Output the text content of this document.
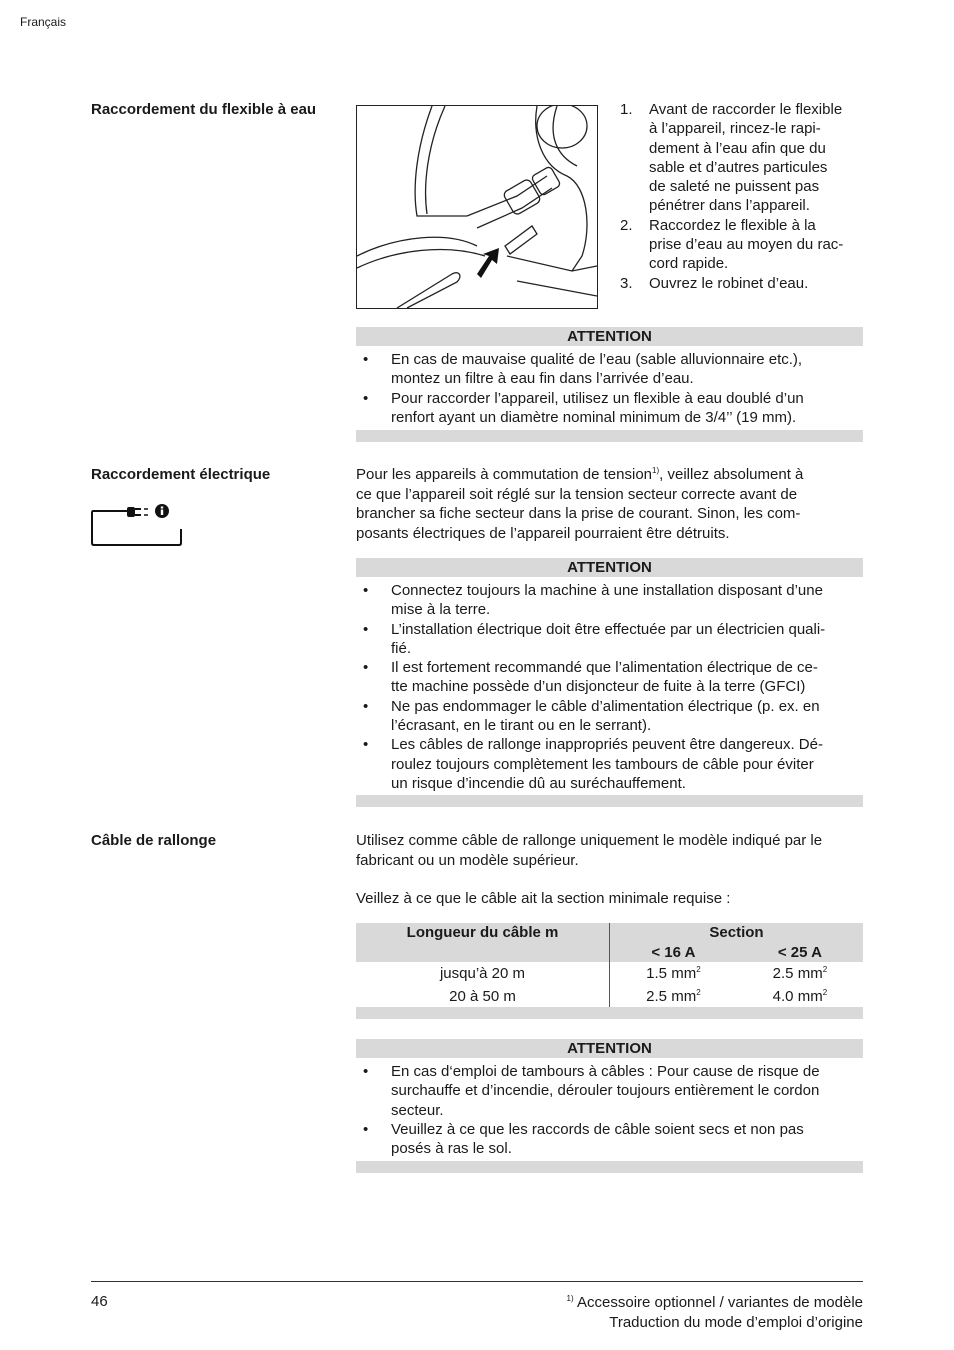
Français
Raccordement du flexible à eau	1.	Avant de raccorder le flexible
à l’appareil, rincez-le rapi-
dement à l’eau afin que du
sable et d’autres particules
de saleté ne puissent pas
pénétrer dans l’appareil.
2.	Raccordez le flexible à la
prise d’eau au moyen du rac-
cord rapide.
3.	Ouvrez le robinet d’eau.
ATTENTION
•	En cas de mauvaise qualité de l’eau (sable alluvionnaire etc.),
montez un filtre à eau fin dans l’arrivée d’eau.
•	Pour raccorder l’appareil, utilisez un flexible à eau doublé d’un
renfort ayant un diamètre nominal minimum de 3/4’’ (19 mm).
Raccordement électrique	Pour les appareils à commutation de tension$^{1)}$, veillez absolument à
ce que l’appareil soit réglé sur la tension secteur correcte avant de
brancher sa fiche secteur dans la prise de courant. Sinon, les com-
posants électriques de l’appareil pourraient être détruits.
ATTENTION
•	Connectez toujours la machine à une installation disposant d’une
mise à la terre.
•	L’installation électrique doit être effectuée par un électricien quali-
fié.
•	Il est fortement recommandé que l’alimentation électrique de ce-
tte machine possède d’un disjoncteur de fuite à la terre (GFCI)
•	Ne pas endommager le câble d’alimentation électrique (p. ex. en
l’écrasant, en le tirant ou en le serrant).
•	Les câbles de rallonge inappropriés peuvent être dangereux. Dé-
roulez toujours complètement les tambours de câble pour éviter
un risque d’incendie dû au suréchauffement.
Câble de rallonge	Utilisez comme câble de rallonge uniquement le modèle indiqué par le
fabricant ou un modèle supérieur.
Veillez à ce que le câble ait la section minimale requise :
Longueur du câble m	Section	
	< 16 A	< 25 A
jusqu’à 20 m	1.5 $mm^2$	2.5 $mm^2$
20 à 50 m	2.5 $mm^2$	4.0 $mm^2$
ATTENTION
•	En cas d‘emploi de tambours à câbles : Pour cause de risque de
surchauffe et d’incendie, dérouler toujours entièrement le cordon
secteur.
•	Veuillez à ce que les raccords de câble soient secs et non pas
posés à ras le sol.
46	$^{1)}$ Accessoire optionnel / variantes de modèle
Traduction du mode d’emploi d’origine
